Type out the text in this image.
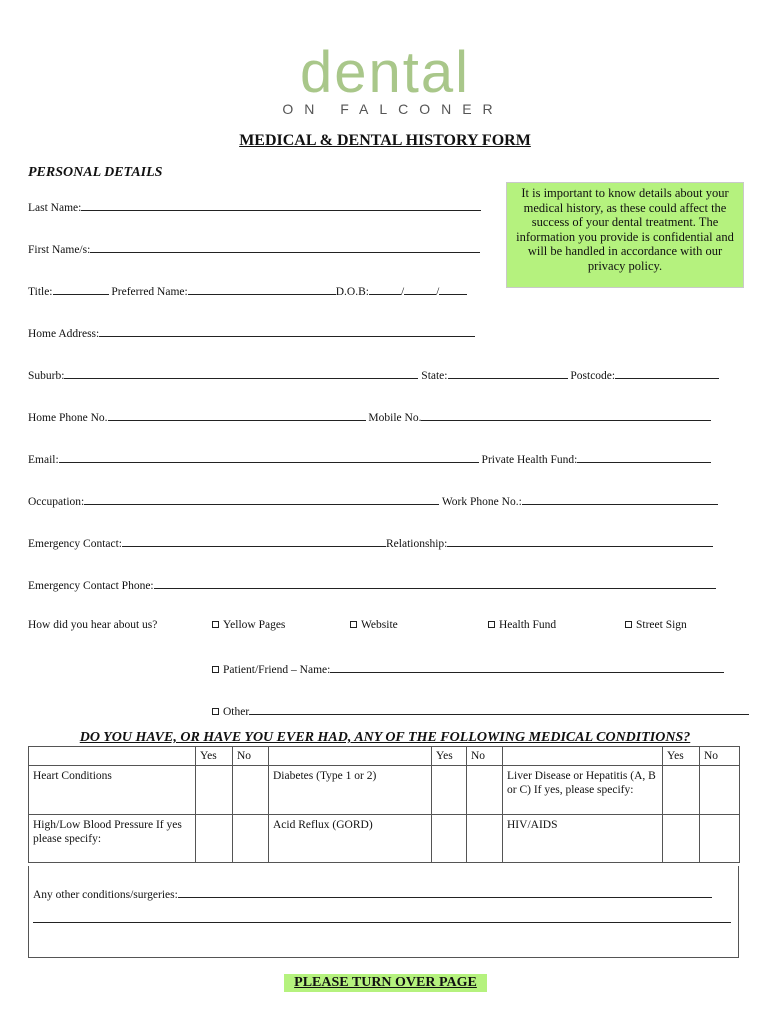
dental
ON FALCONER
MEDICAL & DENTAL HISTORY FORM
PERSONAL DETAILS
It is important to know details about your medical history, as these could affect the success of your dental treatment. The information you provide is confidential and will be handled in accordance with our privacy policy.
Last Name:
First Name/s:
Title:	Preferred Name:	D.O.B:	/	/
Home Address:
Suburb:	State:	Postcode:
Home Phone No.	Mobile No.
Email:	Private Health Fund:
Occupation:	Work Phone No.:
Emergency Contact:	Relationship:
Emergency Contact Phone:
How did you hear about us?	Yellow Pages	Website	Health Fund	Street Sign
Patient/Friend – Name:
Other
DO YOU HAVE, OR HAVE YOU EVER HAD, ANY OF THE FOLLOWING MEDICAL CONDITIONS?
	Yes	No		Yes	No		Yes	No
Heart Conditions			Diabetes (Type 1 or 2)			Liver Disease or Hepatitis (A, B or C) If yes, please specify:		
High/Low Blood Pressure If yes please specify:			Acid Reflux (GORD)			HIV/AIDS		
Any other conditions/surgeries:
PLEASE TURN OVER PAGE
